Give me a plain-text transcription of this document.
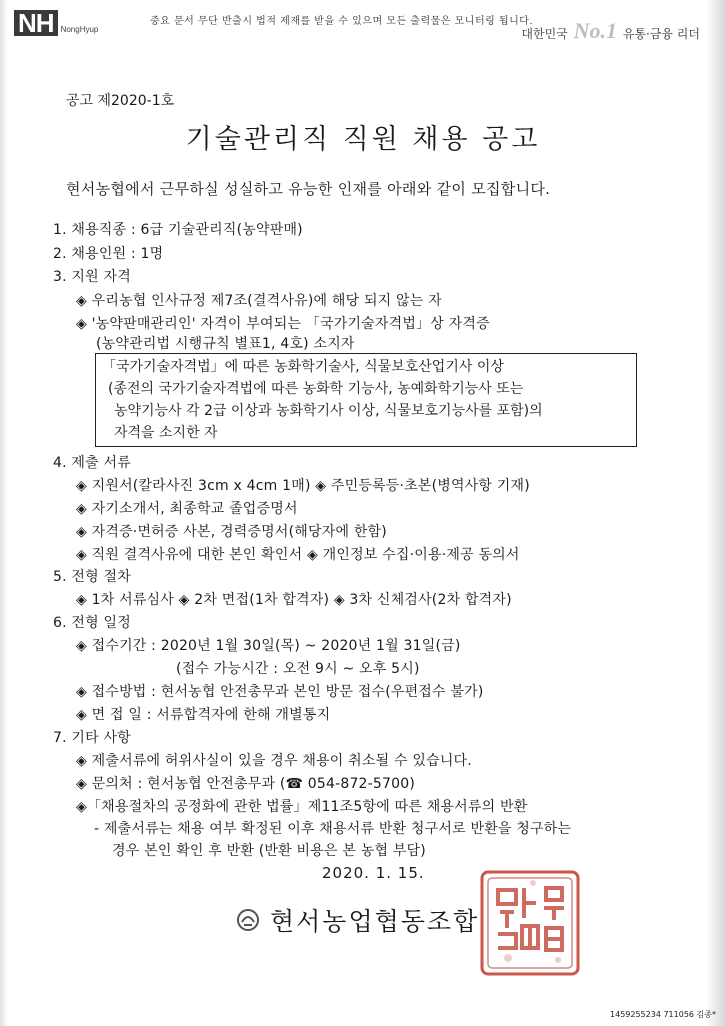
NH NongHyup
중요 문서 무단 반출시 법적 제재를 받을 수 있으며 모든 출력물은 모니터링 됩니다.
대한민국 No.1 유통·금융 리더
공고 제2020-1호
기술관리직 직원 채용 공고
현서농협에서 근무하실 성실하고 유능한 인재를 아래와 같이 모집합니다.
1. 채용직종 : 6급 기술관리직(농약판매)
2. 채용인원 : 1명
3. 지원 자격
◈ 우리농협 인사규정 제7조(결격사유)에 해당 되지 않는 자
◈ '농약판매관리인' 자격이 부여되는 「국가기술자격법」상 자격증
(농약관리법 시행규칙 별표1, 4호) 소지자
「국가기술자격법」에 따른 농화학기술사, 식물보호산업기사 이상
(종전의 국가기술자격법에 따른 농화학 기능사, 농예화학기능사 또는
농약기능사 각 2급 이상과 농화학기사 이상, 식물보호기능사를 포함)의
자격을 소지한 자
4. 제출 서류
◈ 지원서(칼라사진 3cm x 4cm 1매) ◈ 주민등록등·초본(병역사항 기재)
◈ 자기소개서, 최종학교 졸업증명서
◈ 자격증·면허증 사본, 경력증명서(해당자에 한함)
◈ 직원 결격사유에 대한 본인 확인서 ◈ 개인정보 수집·이용·제공 동의서
5. 전형 절차
◈ 1차 서류심사 ◈ 2차 면접(1차 합격자) ◈ 3차 신체검사(2차 합격자)
6. 전형 일정
◈ 접수기간 : 2020년 1월 30일(목) ~ 2020년 1월 31일(금)
(접수 가능시간 : 오전 9시 ~ 오후 5시)
◈ 접수방법 : 현서농협 안전총무과 본인 방문 접수(우편접수 불가)
◈ 면 접 일 : 서류합격자에 한해 개별통지
7. 기타 사항
◈ 제출서류에 허위사실이 있을 경우 채용이 취소될 수 있습니다.
◈ 문의처 : 현서농협 안전총무과 (☎ 054-872-5700)
◈「채용절차의 공정화에 관한 법률」제11조5항에 따른 채용서류의 반환
- 제출서류는 채용 여부 확정된 이후 채용서류 반환 청구서로 반환을 청구하는
경우 본인 확인 후 반환 (반환 비용은 본 농협 부담)
2020. 1. 15.
현서농업협동조합
1459255234 711056 김종*
